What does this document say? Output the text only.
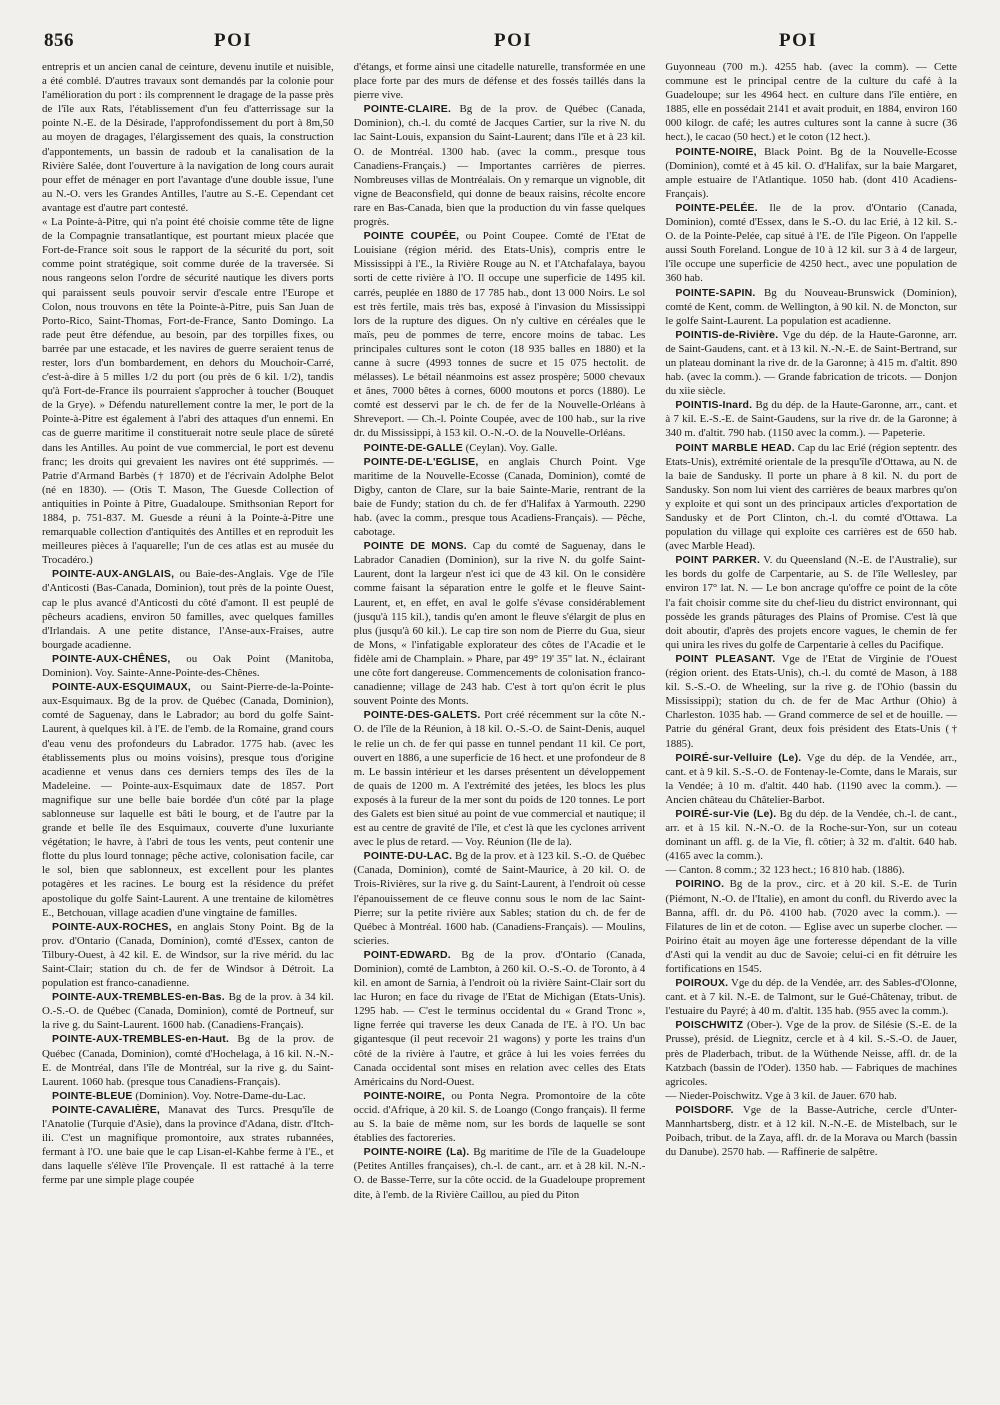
856	POI	POI	POI

entrepris et un ancien canal de ceinture, devenu inutile et nuisible, a été comblé. D'autres travaux sont demandés par la colonie pour l'amélioration du port : ils comprennent le dragage de la passe près de l'île aux Rats, l'établissement d'un feu d'atterrissage sur la pointe N.-E. de la Désirade, l'approfondissement du port à 8m,50 au moyen de dragages, l'élargissement des quais, la construction d'appontements, un bassin de radoub et la canalisation de la Rivière Salée, dont l'ouverture à la navigation de long cours aurait pour effet de ménager en port l'avantage d'une double issue, l'une au N.-O. vers les Grandes Antilles, l'autre au S.-E. Cependant cet avantage est d'autre part contesté.

« La Pointe-à-Pitre, qui n'a point été choisie comme tête de ligne de la Compagnie transatlantique, est pourtant mieux placée que Fort-de-France soit sous le rapport de la sécurité du port, soit comme point stratégique, soit comme durée de la traversée. Si nous rangeons selon l'ordre de sécurité nautique les divers ports qui paraissent seuls pouvoir servir d'escale entre l'Europe et Colon, nous trouvons en tête la Pointe-à-Pitre, puis San Juan de Porto-Rico, Saint-Thomas, Fort-de-France, Santo Domingo. La rade peut être défendue, au besoin, par des torpilles fixes, ou barrée par une estacade, et les navires de guerre seraient tenus de rester, lors d'un bombardement, en dehors du Mouchoir-Carré, c'est-à-dire à 5 milles 1/2 du port (ou près de 6 kil. 1/2), tandis qu'à Fort-de-France ils pourraient s'approcher à toucher (Bouquet de la Grye). » Défendu naturellement contre la mer, le port de la Pointe-à-Pitre est également à l'abri des attaques d'un ennemi. En cas de guerre maritime il constituerait notre seule place de sûreté dans les Antilles. Au point de vue commercial, le port est devenu franc; les droits qui grevaient les navires ont été supprimés. — Patrie d'Armand Barbès († 1870) et de l'écrivain Adolphe Belot (né en 1830). — (Otis T. Mason, The Guesde Collection of antiquities in Pointe à Pitre, Guadaloupe. Smithsonian Report for 1884, p. 751-837. M. Guesde a réuni à la Pointe-à-Pitre une remarquable collection d'antiquités des Antilles et en reproduit les meilleures pièces à l'aquarelle; l'un de ces atlas est au musée du Trocadéro.)

POINTE-AUX-ANGLAIS, ou Baie-des-Anglais. Vge de l'île d'Anticosti (Bas-Canada, Dominion), tout près de la pointe Ouest, cap le plus avancé d'Anticosti du côté d'amont. Il est peuplé de pêcheurs acadiens, environ 50 familles, avec quelques familles d'Irlandais. A une petite distance, l'Anse-aux-Fraises, autre bourgade acadienne.

POINTE-AUX-CHÊNES, ou Oak Point (Manitoba, Dominion). Voy. Sainte-Anne-Pointe-des-Chênes.

POINTE-AUX-ESQUIMAUX, ou Saint-Pierre-de-la-Pointe-aux-Esquimaux. Bg de la prov. de Québec (Canada, Dominion), comté de Saguenay, dans le Labrador; au bord du golfe Saint-Laurent, à quelques kil. à l'E. de l'emb. de la Romaine, grand cours d'eau venu des profondeurs du Labrador. 1775 hab. (avec les établissements plus ou moins voisins), presque tous d'origine acadienne et venus dans ces derniers temps des îles de la Madeleine. — Pointe-aux-Esquimaux date de 1857. Port magnifique sur une belle baie bordée d'un côté par la plage sablonneuse sur laquelle est bâti le bourg, et de l'autre par la grande et belle île des Esquimaux, couverte d'une luxuriante végétation; le havre, à l'abri de tous les vents, peut contenir une flotte du plus lourd tonnage; pêche active, colonisation facile, car le sol, bien que sablonneux, est excellent pour les plantes potagères et les racines. Le bourg est la résidence du préfet apostolique du golfe Saint-Laurent. A une trentaine de kilomètres E., Betchouan, village acadien d'une vingtaine de familles.

POINTE-AUX-ROCHES, en anglais Stony Point. Bg de la prov. d'Ontario (Canada, Dominion), comté d'Essex, canton de Tilbury-Ouest, à 42 kil. E. de Windsor, sur la rive mérid. du lac Saint-Clair; station du ch. de fer de Windsor à Détroit. La population est franco-canadienne.

POINTE-AUX-TREMBLES-en-Bas. Bg de la prov. à 34 kil. O.-S.-O. de Québec (Canada, Dominion), comté de Portneuf, sur la rive g. du Saint-Laurent. 1600 hab. (Canadiens-Français).

POINTE-AUX-TREMBLES-en-Haut. Bg de la prov. de Québec (Canada, Dominion), comté d'Hochelaga, à 16 kil. N.-N.-E. de Montréal, dans l'île de Montréal, sur la rive g. du Saint-Laurent. 1060 hab. (presque tous Canadiens-Français).

POINTE-BLEUE (Dominion). Voy. Notre-Dame-du-Lac.

POINTE-CAVALIÈRE, Manavat des Turcs. Presqu'île de l'Anatolie (Turquie d'Asie), dans la province d'Adana, distr. d'Itch-ili. C'est un magnifique promontoire, aux strates rubannées, fermant à l'O. une baie que le cap Lisan-el-Kahbe ferme à l'E., et dans laquelle s'élève l'île Provençale. Il est rattaché à la terre ferme par une simple plage coupée

d'étangs, et forme ainsi une citadelle naturelle, transformée en une place forte par des murs de défense et des fossés taillés dans la pierre vive.

POINTE-CLAIRE. Bg de la prov. de Québec (Canada, Dominion), ch.-l. du comté de Jacques Cartier, sur la rive N. du lac Saint-Louis, expansion du Saint-Laurent; dans l'île et à 23 kil. O. de Montréal. 1300 hab. (avec la comm., presque tous Canadiens-Français.) — Importantes carrières de pierres. Nombreuses villas de Montréalais. On y remarque un vignoble, dit vigne de Beaconsfield, qui donne de beaux raisins, récolte encore rare en Bas-Canada, bien que la production du vin fasse quelques progrès.

POINTE COUPÉE, ou Point Coupee. Comté de l'Etat de Louisiane (région mérid. des Etats-Unis), compris entre le Mississippi à l'E., la Rivière Rouge au N. et l'Atchafalaya, bayou sorti de cette rivière à l'O. Il occupe une superficie de 1495 kil. carrés, peuplée en 1880 de 17 785 hab., dont 13 000 Noirs. Le sol est très fertile, mais très bas, exposé à l'invasion du Mississippi lors de la rupture des digues. On n'y cultive en céréales que le maïs, peu de pommes de terre, encore moins de tabac. Les principales cultures sont le coton (18 935 balles en 1880) et la canne à sucre (4993 tonnes de sucre et 15 075 hectolit. de mélasses). Le bétail néanmoins est assez prospère; 5000 chevaux et ânes, 7000 bêtes à cornes, 6000 moutons et porcs (1880). Le comté est desservi par le ch. de fer de la Nouvelle-Orléans à Shreveport. — Ch.-l. Pointe Coupée, avec de 100 hab., sur la rive dr. du Mississippi, à 153 kil. O.-N.-O. de la Nouvelle-Orléans.

POINTE-DE-GALLE (Ceylan). Voy. Galle.

POINTE-DE-L'EGLISE, en anglais Church Point. Vge maritime de la Nouvelle-Ecosse (Canada, Dominion), comté de Digby, canton de Clare, sur la baie Sainte-Marie, rentrant de la baie de Fundy; station du ch. de fer d'Halifax à Yarmouth. 2290 hab. (avec la comm., presque tous Acadiens-Français). — Pêche, cabotage.

POINTE DE MONS. Cap du comté de Saguenay, dans le Labrador Canadien (Dominion), sur la rive N. du golfe Saint-Laurent, dont la largeur n'est ici que de 43 kil. On le considère comme faisant la séparation entre le golfe et le fleuve Saint-Laurent, et, en effet, en aval le golfe s'évase considérablement (jusqu'à 115 kil.), tandis qu'en amont le fleuve s'élargit de plus en plus (jusqu'à 60 kil.). Le cap tire son nom de Pierre du Gua, sieur de Mons, « l'infatigable explorateur des côtes de l'Acadie et le fidèle ami de Champlain. » Phare, par 49° 19' 35" lat. N., éclairant une côte fort dangereuse. Commencements de colonisation franco-canadienne; village de 243 hab. C'est à tort qu'on écrit le plus souvent Pointe des Monts.

POINTE-DES-GALETS. Port créé récemment sur la côte N.-O. de l'île de la Réunion, à 18 kil. O.-S.-O. de Saint-Denis, auquel le relie un ch. de fer qui passe en tunnel pendant 11 kil. Ce port, ouvert en 1886, a une superficie de 16 hect. et une profondeur de 8 m. Le bassin intérieur et les darses présentent un développement de quais de 1200 m. A l'extrémité des jetées, les blocs les plus exposés à la fureur de la mer sont du poids de 120 tonnes. Le port des Galets est bien situé au point de vue commercial et nautique; il est au centre de gravité de l'île, et c'est là que les cyclones arrivent avec le plus de retard. — Voy. Réunion (Ile de la).

POINTE-DU-LAC. Bg de la prov. et à 123 kil. S.-O. de Québec (Canada, Dominion), comté de Saint-Maurice, à 20 kil. O. de Trois-Rivières, sur la rive g. du Saint-Laurent, à l'endroit où cesse l'épanouissement de ce fleuve connu sous le nom de lac Saint-Pierre; sur la petite rivière aux Sables; station du ch. de fer de Québec à Montréal. 1600 hab. (Canadiens-Français). — Moulins, scieries.

POINT-EDWARD. Bg de la prov. d'Ontario (Canada, Dominion), comté de Lambton, à 260 kil. O.-S.-O. de Toronto, à 4 kil. en amont de Sarnia, à l'endroit où la rivière Saint-Clair sort du lac Huron; en face du rivage de l'Etat de Michigan (Etats-Unis). 1295 hab. — C'est le terminus occidental du « Grand Tronc », ligne ferrée qui traverse les deux Canada de l'E. à l'O. Un bac gigantesque (il peut recevoir 21 wagons) y porte les trains d'un côté de la rivière à l'autre, et grâce à lui les voies ferrées du Canada occidental sont mises en relation avec celles des Etats Américains du Nord-Ouest.

POINTE-NOIRE, ou Ponta Negra. Promontoire de la côte occid. d'Afrique, à 20 kil. S. de Loango (Congo français). Il ferme au S. la baie de même nom, sur les bords de laquelle se sont établies des factoreries.

POINTE-NOIRE (La). Bg maritime de l'île de la Guadeloupe (Petites Antilles françaises), ch.-l. de cant., arr. et à 28 kil. N.-N.-O. de Basse-Terre, sur la côte occid. de la Guadeloupe proprement dite, à l'emb. de la Rivière Caillou, au pied du Piton

Guyonneau (700 m.). 4255 hab. (avec la comm). — Cette commune est le principal centre de la culture du café à la Guadeloupe; sur les 4964 hect. en culture dans l'île entière, en 1885, elle en possédait 2141 et avait produit, en 1884, environ 160 000 kilogr. de café; les autres cultures sont la canne à sucre (36 hect.), le cacao (50 hect.) et le coton (12 hect.).

POINTE-NOIRE, Black Point. Bg de la Nouvelle-Ecosse (Dominion), comté et à 45 kil. O. d'Halifax, sur la baie Margaret, ample estuaire de l'Atlantique. 1050 hab. (dont 410 Acadiens-Français).

POINTE-PELÉE. Ile de la prov. d'Ontario (Canada, Dominion), comté d'Essex, dans le S.-O. du lac Erié, à 12 kil. S.-O. de la Pointe-Pelée, cap situé à l'E. de l'île Pigeon. On l'appelle aussi South Foreland. Longue de 10 à 12 kil. sur 3 à 4 de largeur, l'île occupe une superficie de 4250 hect., avec une population de 360 hab.

POINTE-SAPIN. Bg du Nouveau-Brunswick (Dominion), comté de Kent, comm. de Wellington, à 90 kil. N. de Moncton, sur le golfe Saint-Laurent. La population est acadienne.

POINTIS-de-Rivière. Vge du dép. de la Haute-Garonne, arr. de Saint-Gaudens, cant. et à 13 kil. N.-N.-E. de Saint-Bertrand, sur un plateau dominant la rive dr. de la Garonne; à 415 m. d'altit. 890 hab. (avec la comm.). — Grande fabrication de tricots. — Donjon du xiie siècle.

POINTIS-Inard. Bg du dép. de la Haute-Garonne, arr., cant. et à 7 kil. E.-S.-E. de Saint-Gaudens, sur la rive dr. de la Garonne; à 340 m. d'altit. 790 hab. (1150 avec la comm.). — Papeterie.

POINT MARBLE HEAD. Cap du lac Erié (région septentr. des Etats-Unis), extrémité orientale de la presqu'île d'Ottawa, au N. de la baie de Sandusky. Il porte un phare à 8 kil. N. du port de Sandusky. Son nom lui vient des carrières de beaux marbres qu'on y exploite et qui sont un des principaux articles d'exportation de Sandusky et de Port Clinton, ch.-l. du comté d'Ottawa. La population du village qui exploite ces carrières est de 650 hab. (avec Marble Head).

POINT PARKER. V. du Queensland (N.-E. de l'Australie), sur les bords du golfe de Carpentarie, au S. de l'île Wellesley, par environ 17° lat. N. — Le bon ancrage qu'offre ce point de la côte l'a fait choisir comme site du chef-lieu du district environnant, qui possède les grands pâturages des Plains of Promise. C'est là que doit aboutir, d'après des projets encore vagues, le chemin de fer qui unira les rives du golfe de Carpentarie à celles du Pacifique.

POINT PLEASANT. Vge de l'Etat de Virginie de l'Ouest (région orient. des Etats-Unis), ch.-l. du comté de Mason, à 188 kil. S.-S.-O. de Wheeling, sur la rive g. de l'Ohio (bassin du Mississippi); station du ch. de fer de Mac Arthur (Ohio) à Charleston. 1035 hab. — Grand commerce de sel et de houille. — Patrie du général Grant, deux fois président des Etats-Unis († 1885).

POIRÉ-sur-Velluire (Le). Vge du dép. de la Vendée, arr., cant. et à 9 kil. S.-S.-O. de Fontenay-le-Comte, dans le Marais, sur la Vendée; à 10 m. d'altit. 440 hab. (1190 avec la comm.). — Ancien château du Châtelier-Barbot.

POIRÉ-sur-Vie (Le). Bg du dép. de la Vendée, ch.-l. de cant., arr. et à 15 kil. N.-N.-O. de la Roche-sur-Yon, sur un coteau dominant un affl. g. de la Vie, fl. côtier; à 32 m. d'altit. 640 hab. (4165 avec la comm.).

— Canton. 8 comm.; 32 123 hect.; 16 810 hab. (1886).

POIRINO. Bg de la prov., circ. et à 20 kil. S.-E. de Turin (Piémont, N.-O. de l'Italie), en amont du confl. du Riverdo avec la Banna, affl. dr. du Pô. 4100 hab. (7020 avec la comm.). — Filatures de lin et de coton. — Eglise avec un superbe clocher. — Poirino était au moyen âge une forteresse dépendant de la ville d'Asti qui la vendit au duc de Savoie; celui-ci en fit détruire les fortifications en 1545.

POIROUX. Vge du dép. de la Vendée, arr. des Sables-d'Olonne, cant. et à 7 kil. N.-E. de Talmont, sur le Gué-Châtenay, tribut. de l'estuaire du Payré; à 40 m. d'altit. 135 hab. (955 avec la comm.).

POISCHWITZ (Ober-). Vge de la prov. de Silésie (S.-E. de la Prusse), présid. de Liegnitz, cercle et à 4 kil. S.-S.-O. de Jauer, près de Pladerbach, tribut. de la Wüthende Neisse, affl. dr. de la Katzbach (bassin de l'Oder). 1350 hab. — Fabriques de machines agricoles.

— Nieder-Poischwitz. Vge à 3 kil. de Jauer. 670 hab.

POISDORF. Vge de la Basse-Autriche, cercle d'Unter-Mannhartsberg, distr. et à 12 kil. N.-N.-E. de Mistelbach, sur le Poibach, tribut. de la Zaya, affl. dr. de la Morava ou March (bassin du Danube). 2570 hab. — Raffinerie de salpêtre.
